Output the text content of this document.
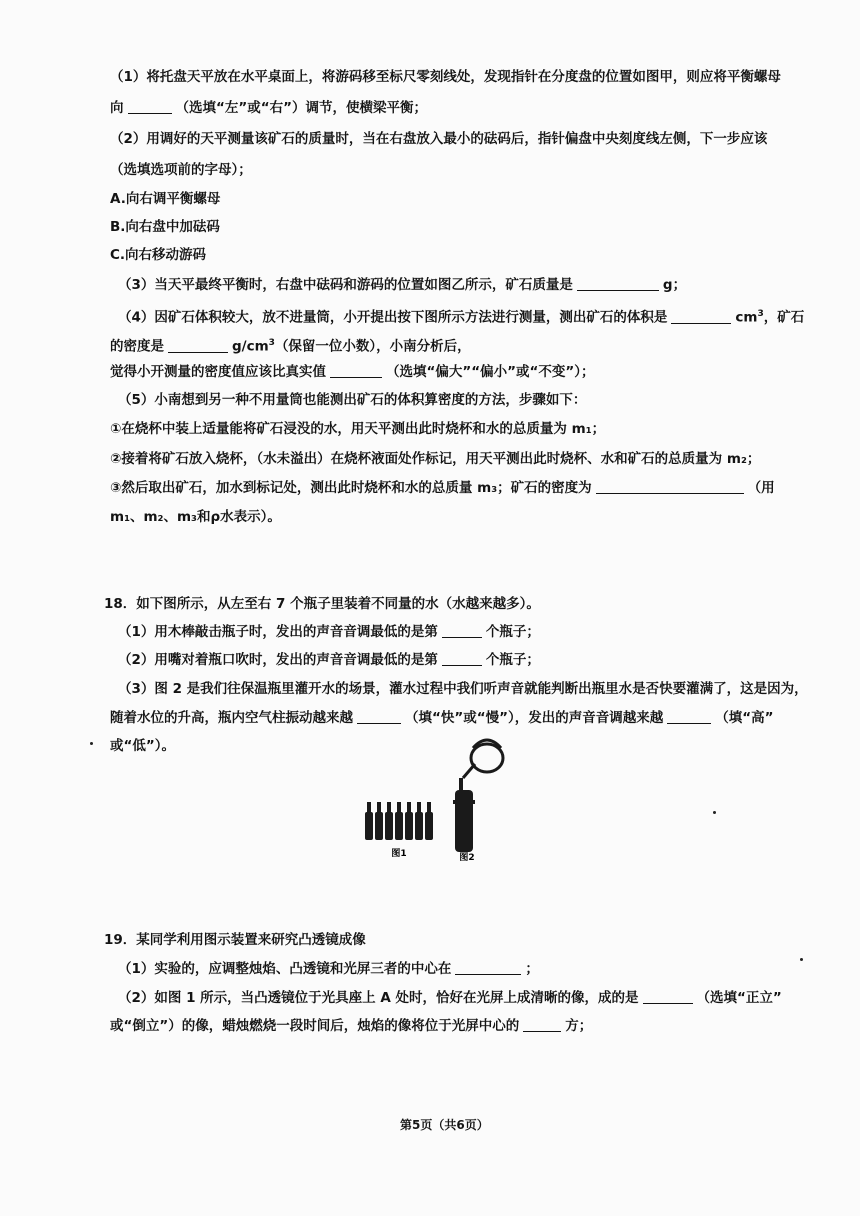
（1）将托盘天平放在水平桌面上，将游码移至标尺零刻线处，发现指针在分度盘的位置如图甲，则应将平衡螺母
向	（选填“左”或“右”）调节，使横梁平衡；
（2）用调好的天平测量该矿石的质量时，当在右盘放入最小的砝码后，指针偏盘中央刻度线左侧，下一步应该
（选填选项前的字母）；
A.向右调平衡螺母
B.向右盘中加砝码
C.向右移动游码
（3）当天平最终平衡时，右盘中砝码和游码的位置如图乙所示，矿石质量是	g；
（4）因矿石体积较大，放不进量筒，小开提出按下图所示方法进行测量，测出矿石的体积是	$cm^3$，矿石
的密度是	$g/cm^3$（保留一位小数），小南分析后，
觉得小开测量的密度值应该比真实值	（选填“偏大”“偏小”或“不变”）；
（5）小南想到另一种不用量筒也能测出矿石的体积算密度的方法，步骤如下：
①在烧杯中装上适量能将矿石浸没的水，用天平测出此时烧杯和水的总质量为 m₁；
②接着将矿石放入烧杯，（水未溢出）在烧杯液面处作标记，用天平测出此时烧杯、水和矿石的总质量为 m₂；
③然后取出矿石，加水到标记处，测出此时烧杯和水的总质量 m₃；矿石的密度为	（用
m₁、m₂、m₃和ρ水表示）。
18．如下图所示，从左至右 7 个瓶子里装着不同量的水（水越来越多）。
（1）用木棒敲击瓶子时，发出的声音音调最低的是第	个瓶子；
（2）用嘴对着瓶口吹时，发出的声音音调最低的是第	个瓶子；
（3）图 2 是我们往保温瓶里灌开水的场景，灌水过程中我们听声音就能判断出瓶里水是否快要灌满了，这是因为，
随着水位的升高，瓶内空气柱振动越来越	（填“快”或“慢”），发出的声音音调越来越	（填“高”
或“低”）。
图1	图2
19．某同学利用图示装置来研究凸透镜成像
（1）实验的，应调整烛焰、凸透镜和光屏三者的中心在	；
（2）如图 1 所示，当凸透镜位于光具座上 A 处时，恰好在光屏上成清晰的像，成的是	（选填“正立”
或“倒立”）的像，蜡烛燃烧一段时间后，烛焰的像将位于光屏中心的	方；
第5页（共6页）
